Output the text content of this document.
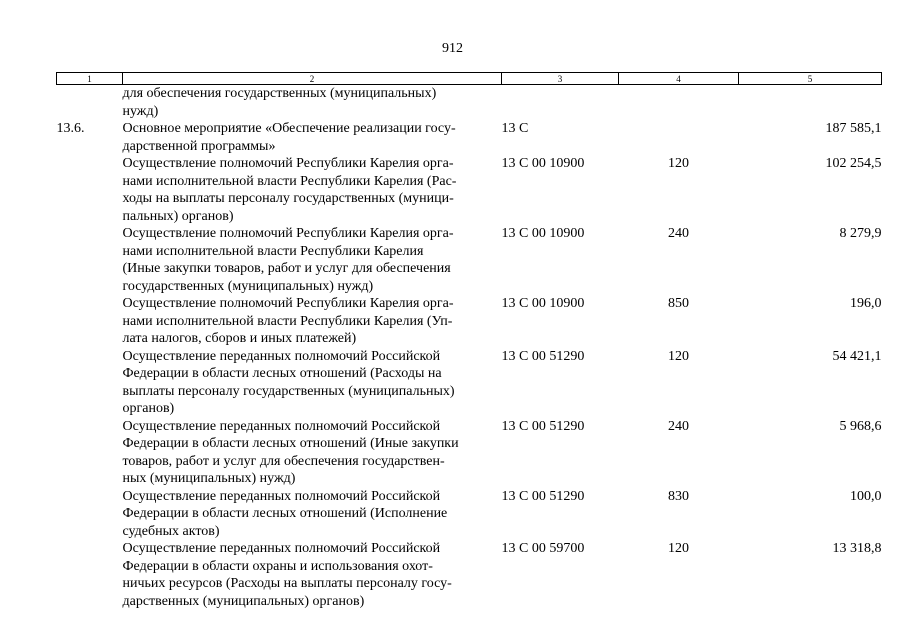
912
1	2	3	4	5

	для обеспечения государственных (муниципальных)
нужд)			

13.6.	Основное мероприятие «Обеспечение реализации госу-
дарственной программы»	13 С		187 585,1

	Осуществление полномочий Республики Карелия орга-
нами исполнительной власти Республики Карелия (Рас-
ходы на выплаты персоналу государственных (муници-
пальных) органов)	13 С 00 10900	120	102 254,5

	Осуществление полномочий Республики Карелия орга-
нами исполнительной власти Республики Карелия
(Иные закупки товаров, работ и услуг для обеспечения
государственных (муниципальных) нужд)	13 С 00 10900	240	8 279,9

	Осуществление полномочий Республики Карелия орга-
нами исполнительной власти Республики Карелия (Уп-
лата налогов, сборов и иных платежей)	13 С 00 10900	850	196,0

	Осуществление переданных полномочий Российской
Федерации в области лесных отношений (Расходы на
выплаты персоналу государственных (муниципальных)
органов)	13 С 00 51290	120	54 421,1

	Осуществление переданных полномочий Российской
Федерации в области лесных отношений (Иные закупки
товаров, работ и услуг для обеспечения государствен-
ных (муниципальных) нужд)	13 С 00 51290	240	5 968,6

	Осуществление переданных полномочий Российской
Федерации в области лесных отношений (Исполнение
судебных актов)	13 С 00 51290	830	100,0

	Осуществление переданных полномочий Российской
Федерации в области охраны и использования охот-
ничьих ресурсов (Расходы на выплаты персоналу госу-
дарственных (муниципальных) органов)	13 С 00 59700	120	13 318,8
